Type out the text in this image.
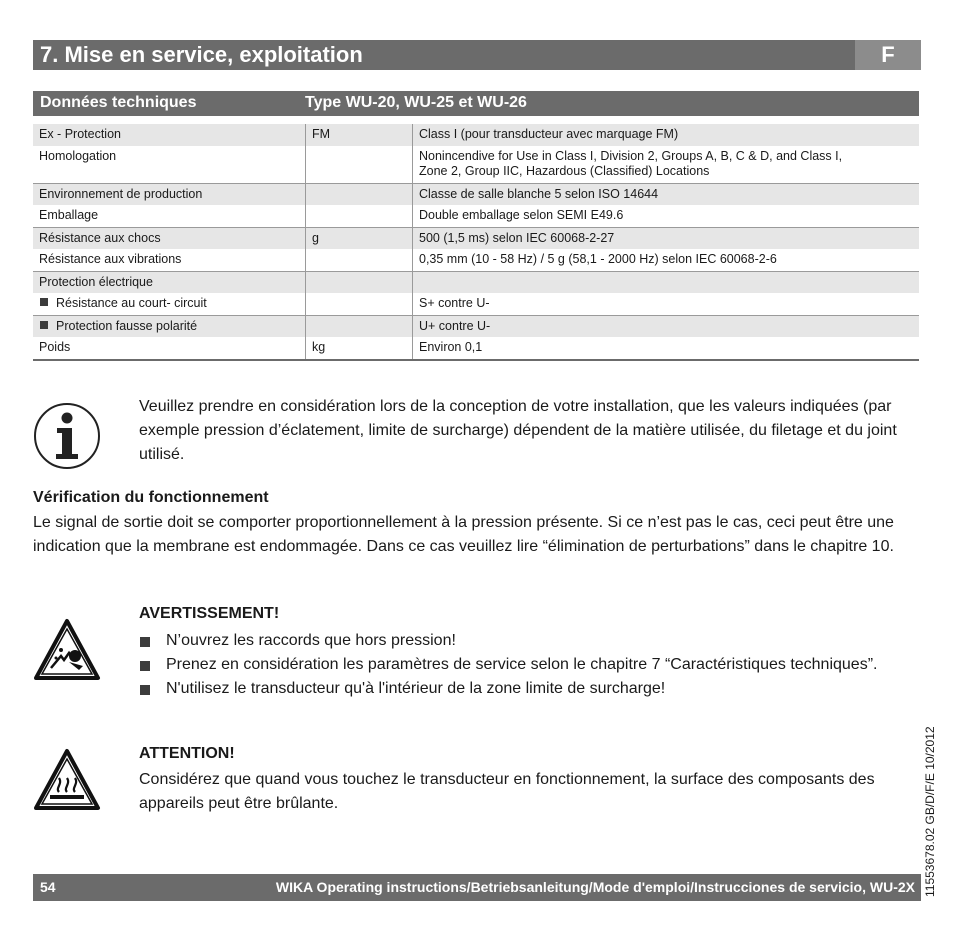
7. Mise en service, exploitation	F
Données techniques	Type WU-20, WU-25 et WU-26
Ex - Protection	FM	Class I (pour transducteur avec marquage FM)
Homologation		Nonincendive for Use in Class I, Division 2, Groups A, B, C & D, and Class I,
Zone 2, Group IIC, Hazardous (Classified) Locations
Environnement de production		Classe de salle blanche 5 selon ISO 14644
Emballage		Double emballage selon SEMI E49.6
Résistance aux chocs	g	500 (1,5 ms) selon IEC 60068-2-27
Résistance aux vibrations		0,35 mm (10 - 58 Hz) / 5 g (58,1 - 2000 Hz) selon IEC 60068-2-6
Protection électrique		
Résistance au court- circuit		S+ contre U-
Protection fausse polarité		U+ contre U-
Poids	kg	Environ 0,1
Veuillez prendre en considération lors de la conception de votre installation, que les valeurs indiquées (par exemple pression d’éclatement, limite de surcharge) dépendent de la matière utilisée, du filetage et du joint utilisé.
Vérification du fonctionnement
Le signal de sortie doit se comporter proportionnellement à la pression présente. Si ce n’est pas le cas, ceci peut être une indication que la membrane est endommagée. Dans ce cas veuillez lire “élimination de perturbations” dans le chapitre 10.
AVERTISSEMENT!
N’ouvrez les raccords que hors pression!
Prenez en considération les paramètres de service selon le chapitre 7 “Caractéristiques techniques”.
N'utilisez le transducteur qu'à l'intérieur de la zone limite de surcharge!
ATTENTION!
Considérez que quand vous touchez le transducteur en fonctionnement, la surface des composants des appareils peut être brûlante.
54	WIKA Operating instructions/Betriebsanleitung/Mode d'emploi/Instrucciones de servicio, WU-2X 11553678.02 GB/D/F/E 10/2012
